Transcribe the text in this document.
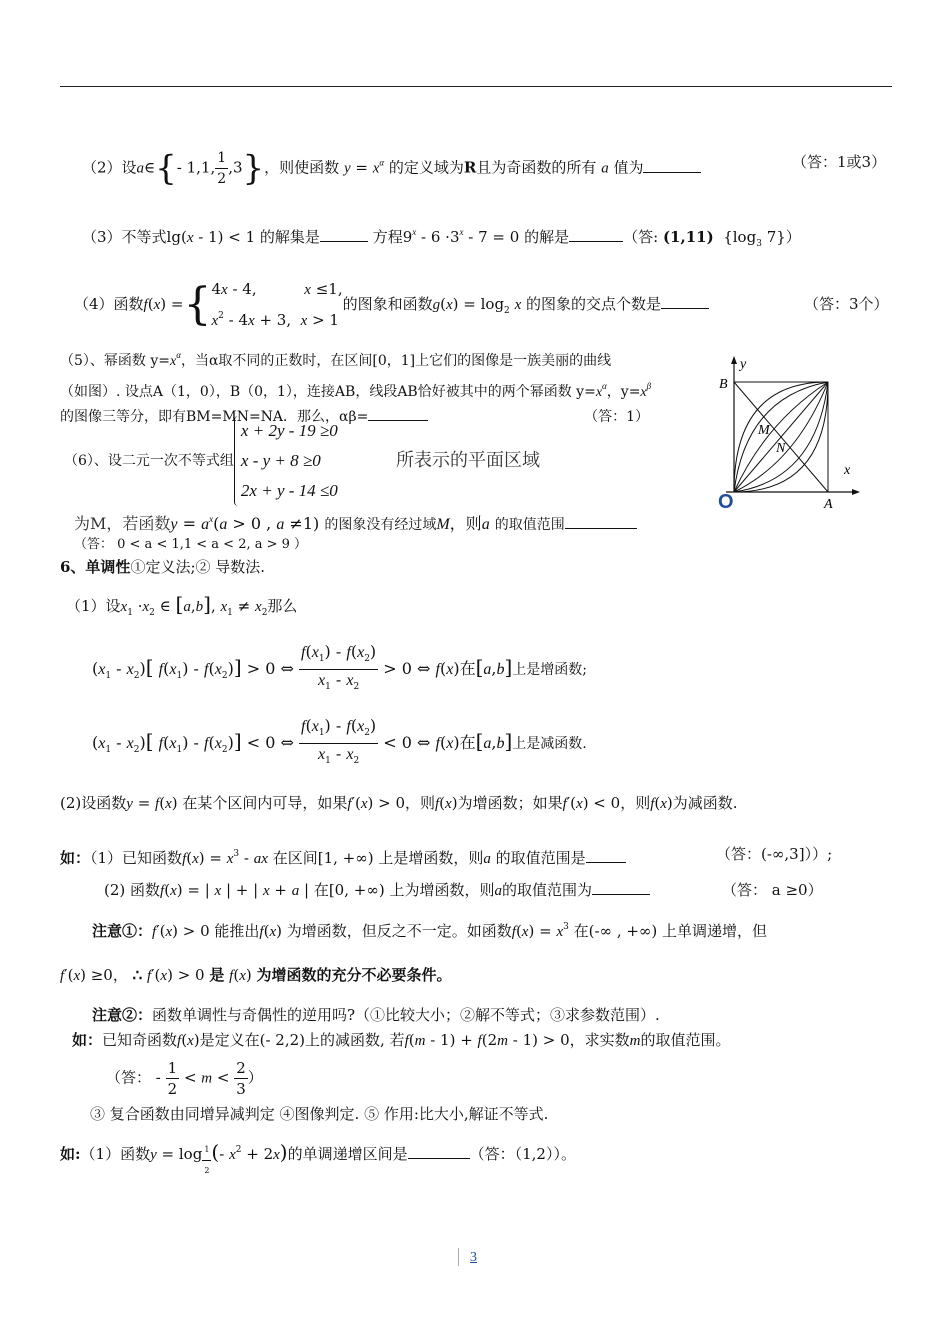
（2）设a∈{- 1,1, $\frac{1}{2} ,3$}，则使函数 $y = x^\alpha$ 的定义域为R且为奇函数的所有 a 值为	（答：1或3）
（3）不等式lg(x - 1) < 1 的解集是	方程$9^x - 6 \cdot 3^x - 7 = 0$ 的解是	（答: (1,11) {$\log_3$ 7}）
（4）函数f(x) ={ 4x - 4,          x ≤1,
$x^2 - 4x + 3$,  x > 1
的图象和函数$g(x) = \log_2 x$ 的图象的交点个数是	（答：3个）
（5）、幂函数 $y=x^\alpha$，当α取不同的正数时，在区间[0，1]上它们的图像是一族美丽的曲线
（如图）. 设点A（1，0），B（0，1），连接AB，线段AB恰好被其中的两个幂函数 $y=x^\alpha$，$y=x^\beta$
的图像三等分，即有BM=MN=NA．那么，αβ=	（答：1）
y
x
B
M
N
A
O
（6）、设二元一次不等式组
x + 2y - 19 ≥0
x - y + 8 ≥0
2x + y - 14 ≤0
所表示的平面区域
为M，若函数$y = a^x(a > 0$ , a ≠1) 的图象没有经过域M，则a 的取值范围
（答： 0 < a < 1,1 < a < 2, a > 9 ）
6、单调性①定义法;② 导数法.
（1）设$x_1 \cdot x_2$ ∈ [a,b], $x_1 \ne x_2$那么
$(x_1 - x_2)$[ $f(x_1) - f(x_2)] > 0$ ⇔ $\frac{f(x_1) - f(x_2)}{x_1 - x_2} > 0$ ⇔ f(x)在[a,b]上是增函数;
$(x_1 - x_2)$[ $f(x_1) - f(x_2)] < 0$ ⇔ $\frac{f(x_1) - f(x_2)}{x_1 - x_2} < 0$ ⇔ f(x)在[a,b]上是减函数.
(2)设函数y = f(x) 在某个区间内可导，如果f′(x) > 0，则f(x)为增函数；如果f′(x) < 0，则f(x)为减函数.
如：（1）已知函数$f(x) = x^3$ - ax 在区间[1, +∞) 上是增函数，则a 的取值范围是	（答：(-∞,3]））;
(2) 函数f(x) = | x | + | x + a | 在[0, +∞) 上为增函数，则a的取值范围为	（答： a ≥0）
注意①：f′(x) > 0 能推出f(x) 为增函数，但反之不一定。如函数$f(x) = x^3$ 在(-∞ , +∞) 上单调递增，但
f′(x) ≥0， ∴ f′(x) > 0 是 f(x) 为增函数的充分不必要条件。
注意②：函数单调性与奇偶性的逆用吗?（①比较大小；②解不等式；③求参数范围）.
如：已知奇函数f(x)是定义在(- 2,2)上的减函数, 若f(m - 1) + f(2m - 1) > 0，求实数m的取值范围。
（答： - $\frac{1}{2} < m < \frac{2}{3}$ ）
③ 复合函数由同增异减判定 ④图像判定. ⑤ 作用:比大小,解证不等式.
如:（1）函数y = log $_{\frac{1}{2}}$ (- $x^2 + 2x$)的单调递增区间是	（答：（1,2））。
3
